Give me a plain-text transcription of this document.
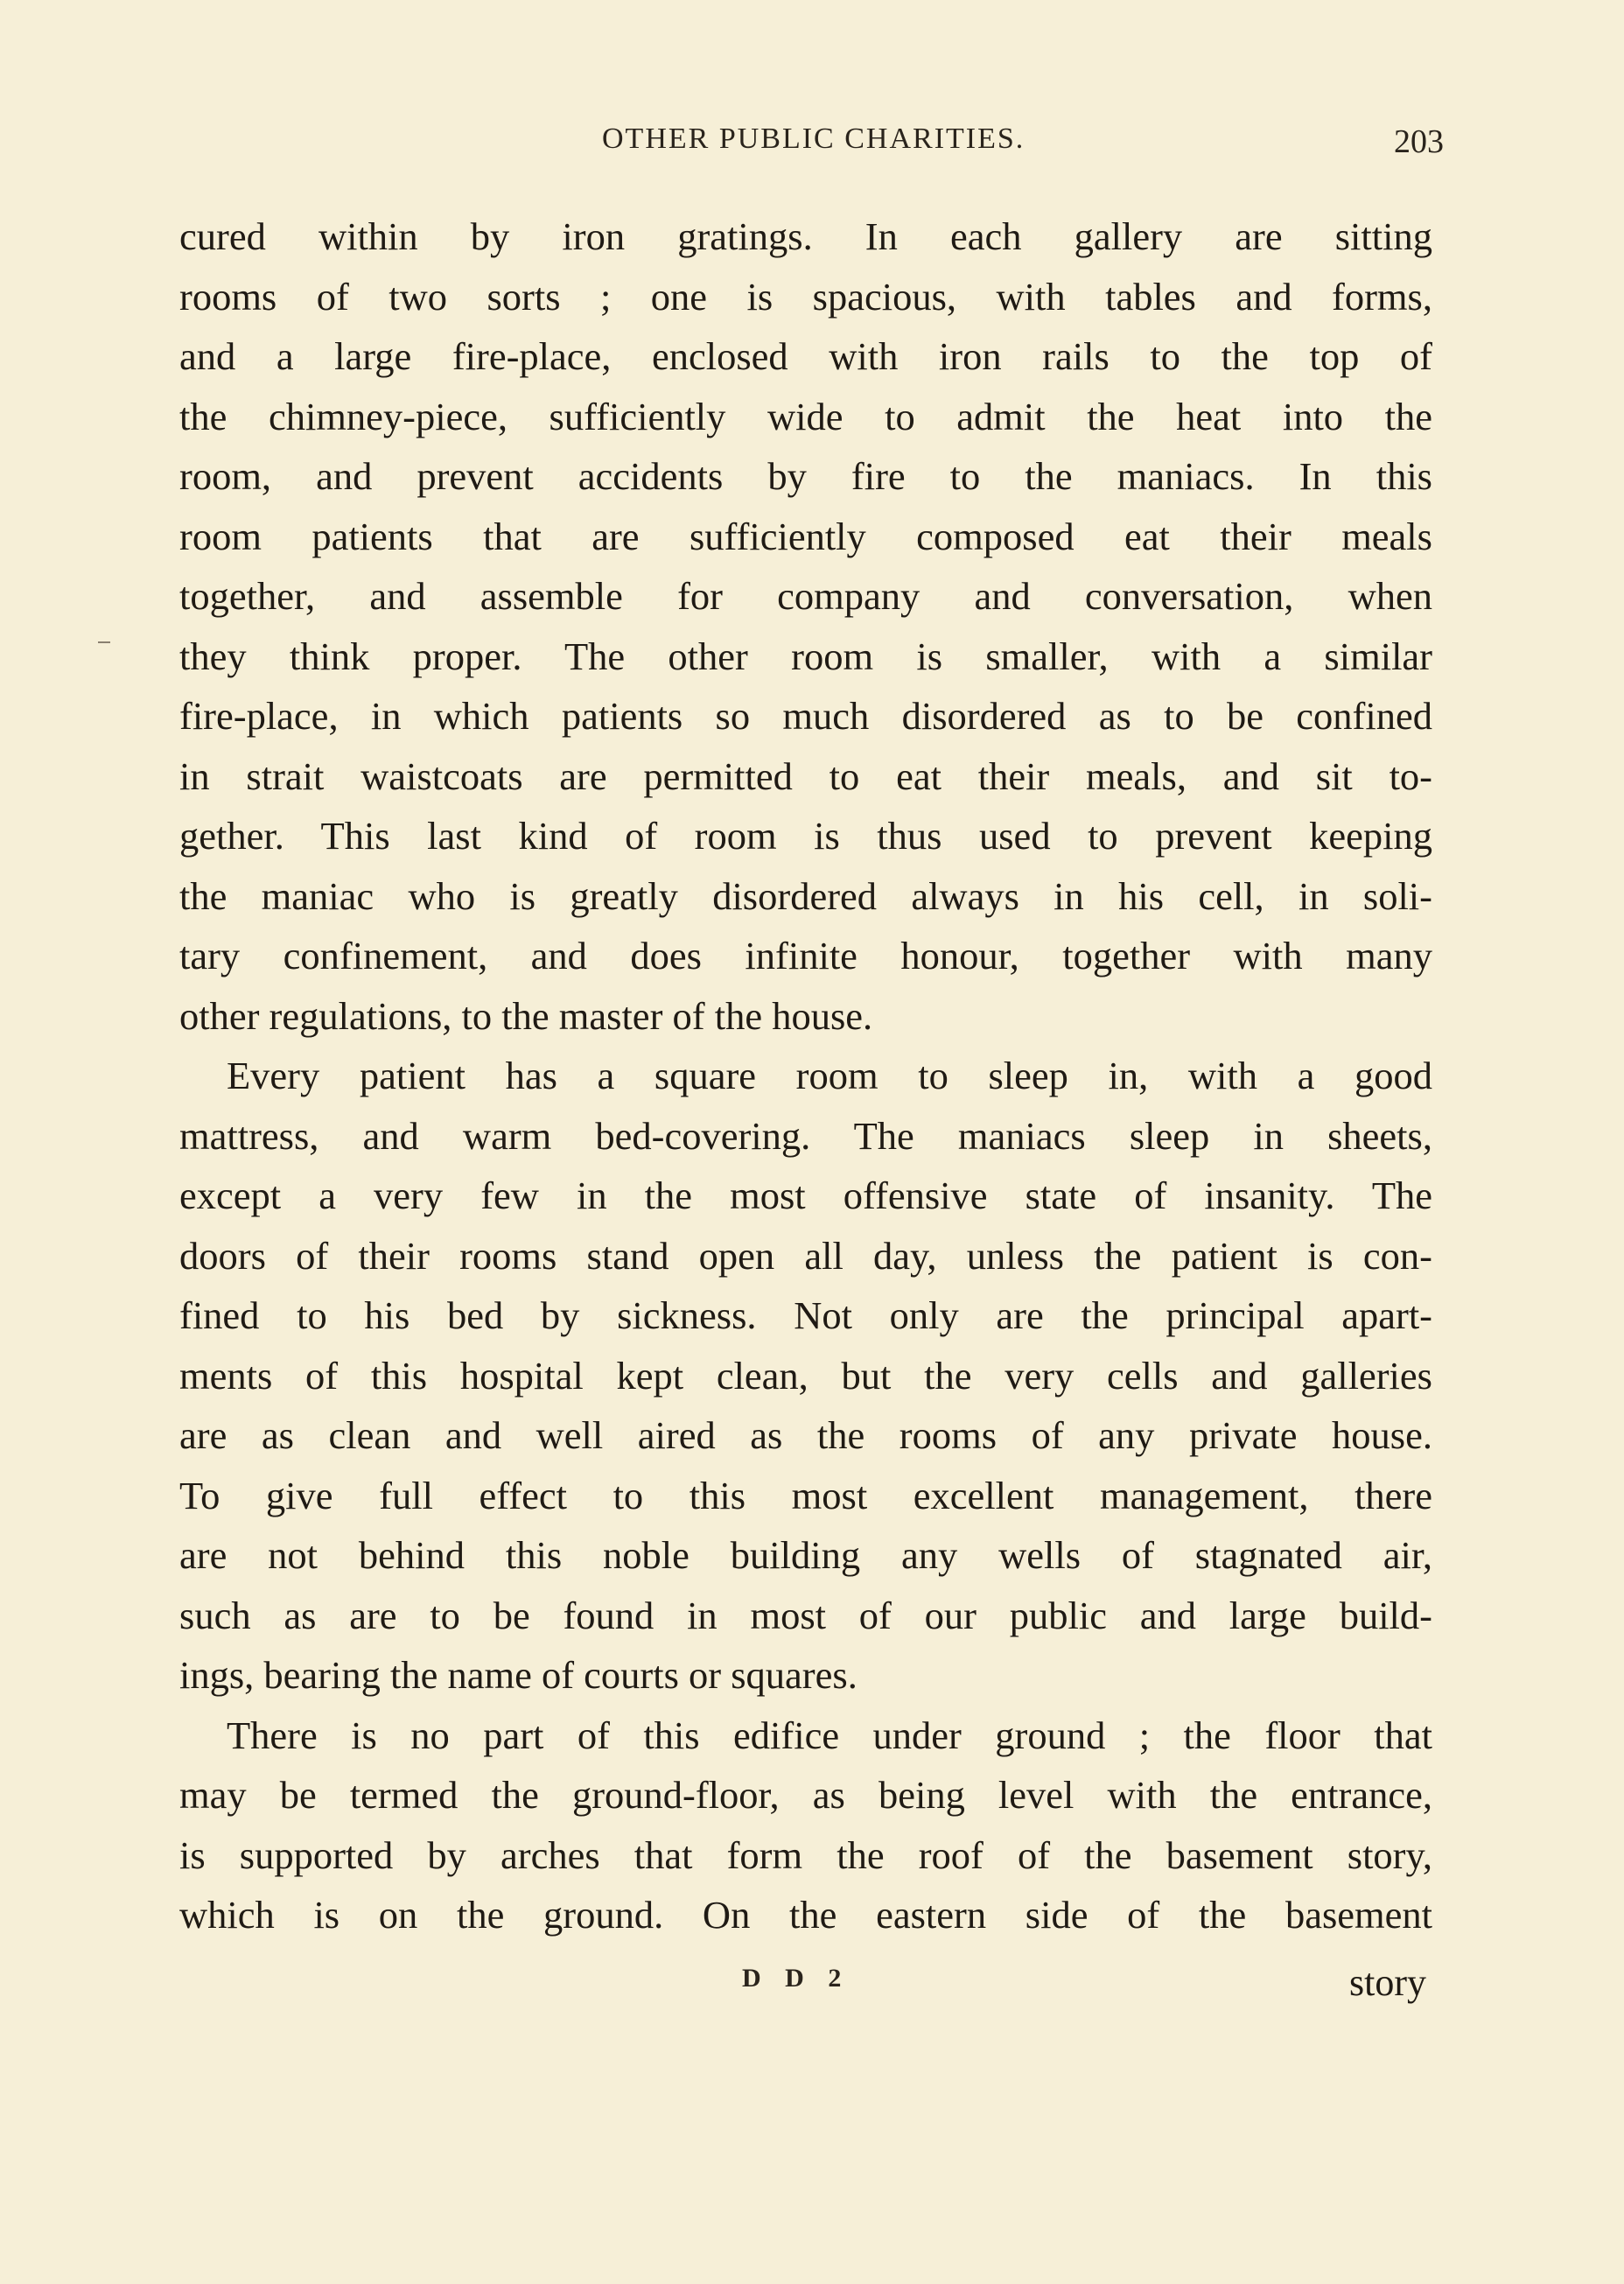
OTHER PUBLIC CHARITIES.	203
cured within by iron gratings. In each gallery are sitting
rooms of two sorts ; one is spacious, with tables and forms,
and a large fire-place, enclosed with iron rails to the top of
the chimney-piece, sufficiently wide to admit the heat into the
room, and prevent accidents by fire to the maniacs. In this
room patients that are sufficiently composed eat their meals
together, and assemble for company and conversation, when
they think proper. The other room is smaller, with a similar
fire-place, in which patients so much disordered as to be confined
in strait waistcoats are permitted to eat their meals, and sit to-
gether. This last kind of room is thus used to prevent keeping
the maniac who is greatly disordered always in his cell, in soli-
tary confinement, and does infinite honour, together with many
other regulations, to the master of the house.
Every patient has a square room to sleep in, with a good
mattress, and warm bed-covering. The maniacs sleep in sheets,
except a very few in the most offensive state of insanity. The
doors of their rooms stand open all day, unless the patient is con-
fined to his bed by sickness. Not only are the principal apart-
ments of this hospital kept clean, but the very cells and galleries
are as clean and well aired as the rooms of any private house.
To give full effect to this most excellent management, there
are not behind this noble building any wells of stagnated air,
such as are to be found in most of our public and large build-
ings, bearing the name of courts or squares.
There is no part of this edifice under ground ; the floor that
may be termed the ground-floor, as being level with the entrance,
is supported by arches that form the roof of the basement story,
which is on the ground. On the eastern side of the basement
D D 2	story
